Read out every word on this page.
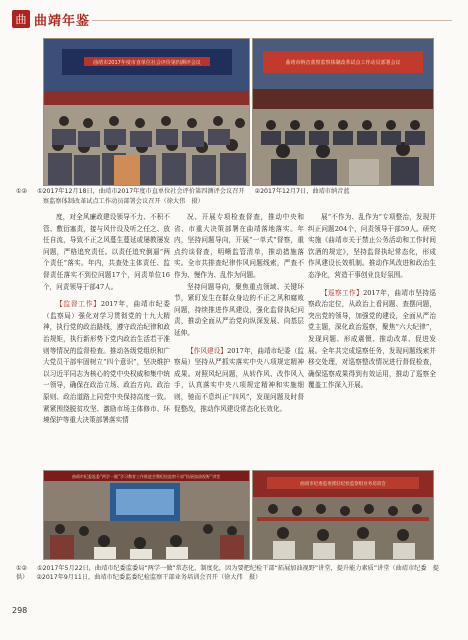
曲 曲靖年鉴
曲靖市2017年度市直单位社会评价第四测评会议	曲靖市纳音蓝察监察体制改革试点工作动员部署会议
①② ①2017年12月18日，曲靖市2017年度市直单位社会评价第四测评会议召开 ②2017年12月7日，曲靖市纳音蓝
察监察体制改革试点工作动员部署会议召开（徐大伟　摄）

度，对全风廉政建设领导不力、不积不管、敷衍塞责，接与风什设及听之任之、放任自流，导致不正之风蔓生蔓延或屡教屡发问题，严格追究责任。以责任追究倒逼“两个责任”落实。年内，共查处主体责任、监督责任落实不到位问题17个，问责单位16个，问责领导干部47人。

【监督工作】2017年，曲靖市纪委（监察局）强化对学习贯彻党的十九大精神，执行党的政治路线，遵守政治纪律和政治规矩，执行新形势下党内政治生活若干准则等情况的监督检查。推动各级党组织和广大党员干部牢固树立“四个意识”，坚决维护以习近平同志为核心的党中央权威和集中统一领导，确保在政治立场、政治方向、政治原则、政治道路上同党中央保持高度一致。紧紧围绕脱贫攻坚、激励市场主体修市、环境保护等重大决策部署落实情

况、开展专项检查督查，推动中央和省、市重大决策部署在曲靖落地落实。年内，坚持问题导向，开展“一单式”督察，重点约谈督查，明晰监管清单，推动措施落实。全市共排查纪律作风问题线索，严查不作为、慢作为、乱作为问题。

坚持问题导向，聚焦重点领域、关键环节，紧盯发生在群众身边的不正之风和腐败问题，持续推进作风建设，强化监督执纪问责，推动全面从严治党向纵深发展、向基层延伸。

【作风建设】2017年，曲靖市纪委（监察局）坚持从严抓实落实中央八项规定精神成果。对照风纪问题，从转作风、改作风入手，认真落实中央八项规定精神和实施细则，驰而不息纠正“四风”，发现问题及时督促整改，推动作风建设常态化长效化。

展“不作为、乱作为”专项整治，发现并纠正问题204个，问责领导干部59人。研究实施《曲靖市关于禁止公务活动和工作时间饮酒的规定》，坚持监督执纪常态化，形成作风建设长效机制。推动作风改进和政治生态净化，营造干事创业良好氛围。

【巡察工作】2017年，曲靖市坚持巡察政治定位，从政治上看问题、查摆问题，突出党的领导，加强党的建设，全面从严治党主题，深化政治巡察，聚焦“六大纪律”，发现问题、形成震慑、推动改革、促进发展。全年共完成巡察任务，发现问题线索并移交处理，对巡察整改情况进行督促检查，确保巡察成果得到有效运用，推动了巡察全覆盖工作深入开展。

曲靖市纪委监委“两学一做”学习教育工作推进会暨纪检监察干部“拓展加油视野”讲堂
曲靖市纪委监委派驻纪检监察组业务培训会
①② ①2017年5月22日，曲靖市纪委监委局“两学一做”常态化、制度化，因为要把纪检干部“拓展加油视野”讲堂，提升能力素质”讲堂（曲靖市纪委　提供） ②2017年9月11日，曲靖市纪委监委纪检监察干部业务培训会召开（徐大伟　摄）
298
